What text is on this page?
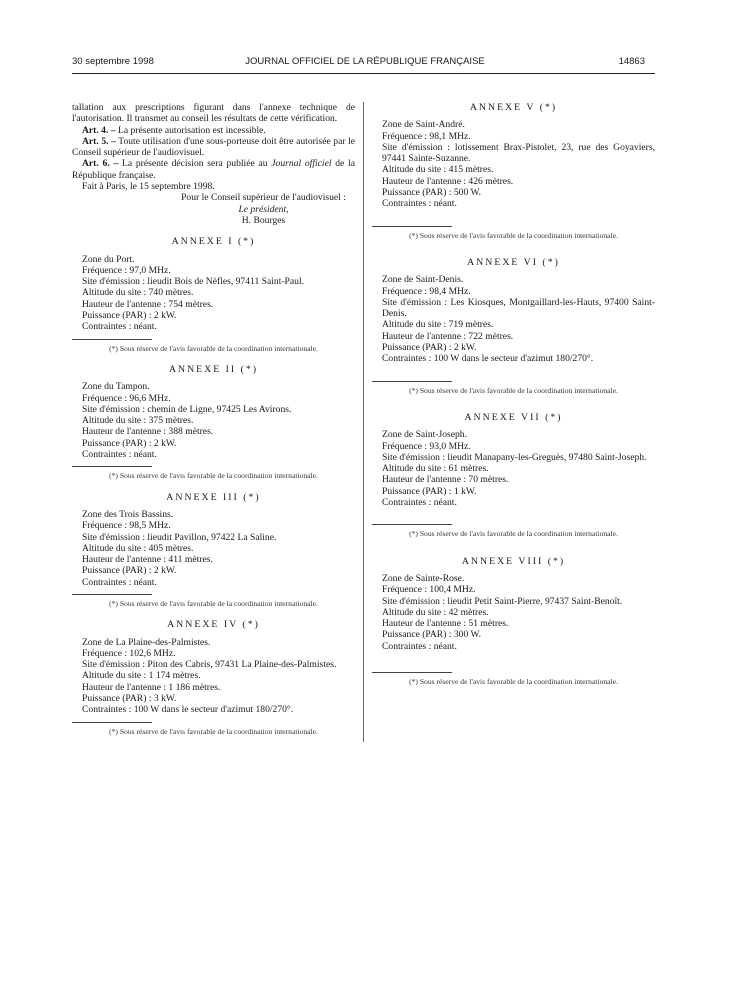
30 septembre 1998	JOURNAL OFFICIEL DE LA RÉPUBLIQUE FRANÇAISE	14863

tallation aux prescriptions figurant dans l'annexe technique de l'autorisation. Il transmet au conseil les résultats de cette vérification.

Art. 4. – La présente autorisation est incessible.

Art. 5. – Toute utilisation d'une sous-porteuse doit être autorisée par le Conseil supérieur de l'audiovisuel.

Art. 6. – La présente décision sera publiée au Journal officiel de la République française.

Fait à Paris, le 15 septembre 1998.

Pour le Conseil supérieur de l'audiovisuel :

Le président,

H. Bourges

ANNEXE I (*)

Zone du Port.

Fréquence : 97,0 MHz.

Site d'émission : lieudit Bois de Nèfles, 97411 Saint-Paul.

Altitude du site : 740 mètres.

Hauteur de l'antenne : 754 mètres.

Puissance (PAR) : 2 kW.

Contraintes : néant.

(*) Sous réserve de l'avis favorable de la coordination internationale.

ANNEXE II (*)

Zone du Tampon.

Fréquence : 96,6 MHz.

Site d'émission : chemin de Ligne, 97425 Les Avirons.

Altitude du site : 375 mètres.

Hauteur de l'antenne : 388 mètres.

Puissance (PAR) : 2 kW.

Contraintes : néant.

(*) Sous réserve de l'avis favorable de la coordination internationale.

ANNEXE III (*)

Zone des Trois Bassins.

Fréquence : 98,5 MHz.

Site d'émission : lieudit Pavillon, 97422 La Saline.

Altitude du site : 405 mètres.

Hauteur de l'antenne : 411 mètres.

Puissance (PAR) : 2 kW.

Contraintes : néant.

(*) Sous réserve de l'avis favorable de la coordination internationale.

ANNEXE IV (*)

Zone de La Plaine-des-Palmistes.

Fréquence : 102,6 MHz.

Site d'émission : Piton des Cabris, 97431 La Plaine-des-Palmistes.

Altitude du site : 1 174 mètres.

Hauteur de l'antenne : 1 186 mètres.

Puissance (PAR) : 3 kW.

Contraintes : 100 W dans le secteur d'azimut 180/270°.

(*) Sous réserve de l'avis favorable de la coordination internationale.

ANNEXE V (*)

Zone de Saint-André.

Fréquence : 98,1 MHz.

Site d'émission : lotissement Brax-Pistolet, 23, rue des Goyaviers, 97441 Sainte-Suzanne.

Altitude du site : 415 mètres.

Hauteur de l'antenne : 426 mètres.

Puissance (PAR) : 500 W.

Contraintes : néant.

(*) Sous réserve de l'avis favorable de la coordination internationale.

ANNEXE VI (*)

Zone de Saint-Denis.

Fréquence : 98,4 MHz.

Site d'émission : Les Kiosques, Montgaillard-les-Hauts, 97400 Saint-Denis.

Altitude du site : 719 mètres.

Hauteur de l'antenne : 722 mètres.

Puissance (PAR) : 2 kW.

Contraintes : 100 W dans le secteur d'azimut 180/270°.

(*) Sous réserve de l'avis favorable de la coordination internationale.

ANNEXE VII (*)

Zone de Saint-Joseph.

Fréquence : 93,0 MHz.

Site d'émission : lieudit Manapany-les-Greguès, 97480 Saint-Joseph.

Altitude du site : 61 mètres.

Hauteur de l'antenne : 70 mètres.

Puissance (PAR) : 1 kW.

Contraintes : néant.

(*) Sous réserve de l'avis favorable de la coordination internationale.

ANNEXE VIII (*)

Zone de Sainte-Rose.

Fréquence : 100,4 MHz.

Site d'émission : lieudit Petit Saint-Pierre, 97437 Saint-Benoît.

Altitude du site : 42 mètres.

Hauteur de l'antenne : 51 mètres.

Puissance (PAR) : 300 W.

Contraintes : néant.

(*) Sous réserve de l'avis favorable de la coordination internationale.
